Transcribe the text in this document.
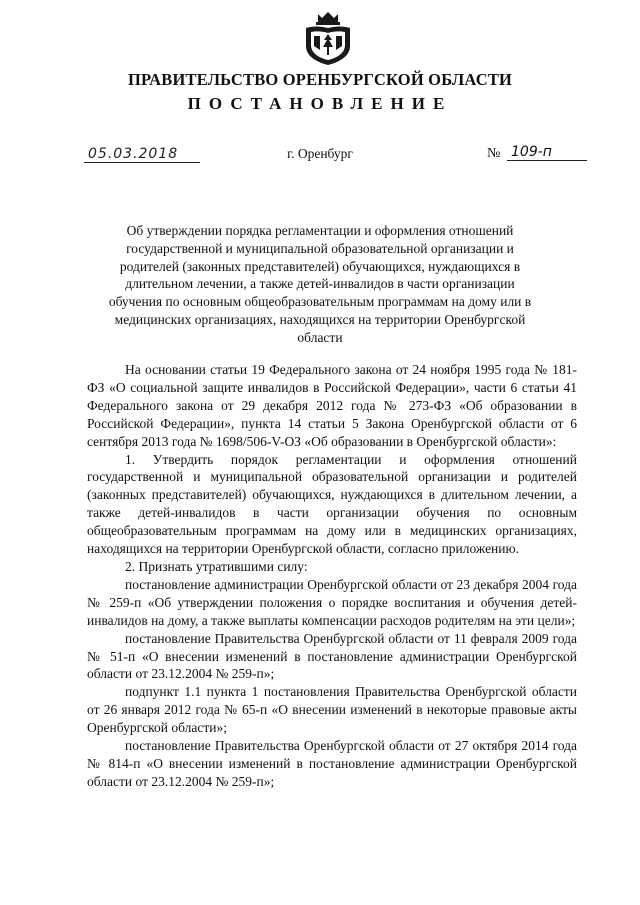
ПРАВИТЕЛЬСТВО ОРЕНБУРГСКОЙ ОБЛАСТИ
ПОСТАНОВЛЕНИЕ
05.03.2018	г. Оренбург	№ 109-п
Об утверждении порядка регламентации и оформления отношений государственной и муниципальной образовательной организации и родителей (законных представителей) обучающихся, нуждающихся в длительном лечении, а также детей-инвалидов в части организации обучения по основным общеобразовательным программам на дому или в медицинских организациях, находящихся на территории Оренбургской области

На основании статьи 19 Федерального закона от 24 ноября 1995 года № 181-ФЗ «О социальной защите инвалидов в Российской Федерации», части 6 статьи 41 Федерального закона от 29 декабря 2012 года № 273-ФЗ «Об образовании в Российской Федерации», пункта 14 статьи 5 Закона Оренбургской области от 6 сентября 2013 года № 1698/506-V-ОЗ «Об образовании в Оренбургской области»:

1. Утвердить порядок регламентации и оформления отношений государственной и муниципальной образовательной организации и родителей (законных представителей) обучающихся, нуждающихся в длительном лечении, а также детей-инвалидов в части организации обучения по основным общеобразовательным программам на дому или в медицинских организациях, находящихся на территории Оренбургской области, согласно приложению.

2. Признать утратившими силу:

постановление администрации Оренбургской области от 23 декабря 2004 года № 259-п «Об утверждении положения о порядке воспитания и обучения детей-инвалидов на дому, а также выплаты компенсации расходов родителям на эти цели»;

постановление Правительства Оренбургской области от 11 февраля 2009 года № 51-п «О внесении изменений в постановление администрации Оренбургской области от 23.12.2004 № 259-п»;

подпункт 1.1 пункта 1 постановления Правительства Оренбургской области от 26 января 2012 года № 65-п «О внесении изменений в некоторые правовые акты Оренбургской области»;

постановление Правительства Оренбургской области от 27 октября 2014 года № 814-п «О внесении изменений в постановление администрации Оренбургской области от 23.12.2004 № 259-п»;
